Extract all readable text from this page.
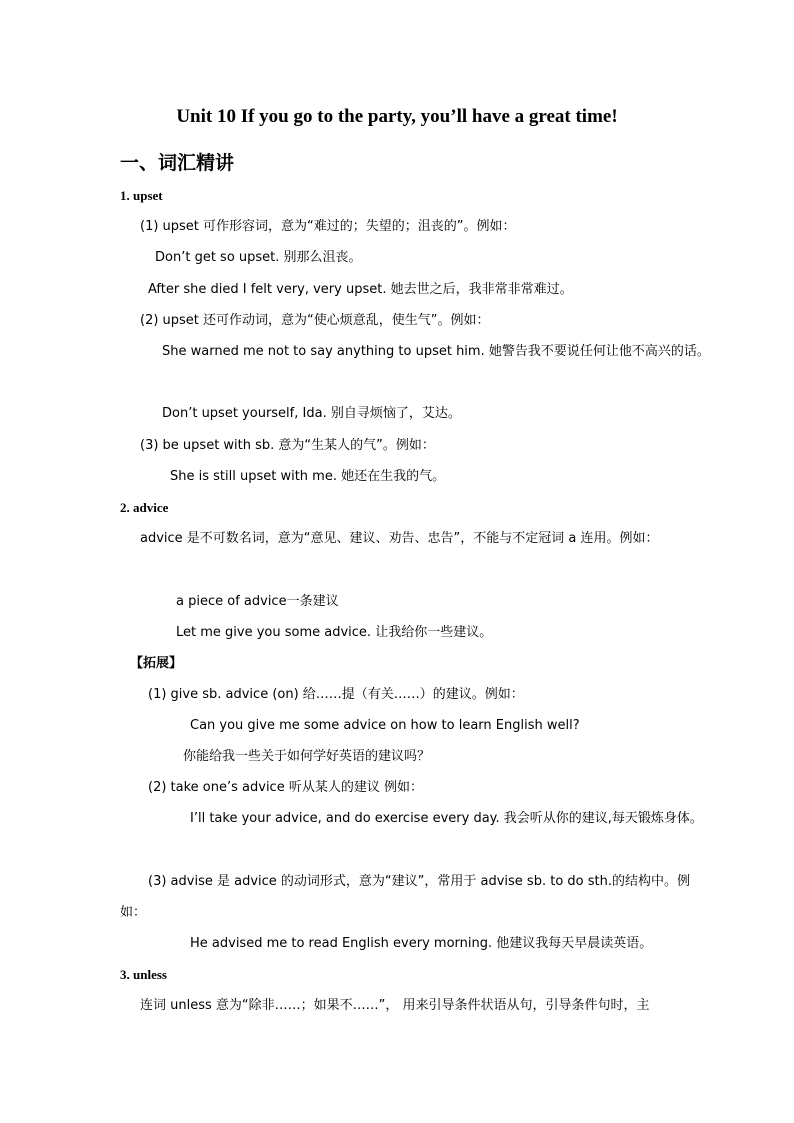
Unit 10 If you go to the party, you’ll have a great time!
一、词汇精讲
1. upset
(1) upset 可作形容词，意为“难过的；失望的；沮丧的”。例如：
Don’t get so upset. 别那么沮丧。
After she died I felt very, very upset. 她去世之后，我非常非常难过。
(2) upset 还可作动词，意为“使心烦意乱，使生气”。例如：
She warned me not to say anything to upset him. 她警告我不要说任何让他不高兴的话。
Don’t upset yourself, Ida. 别自寻烦恼了，艾达。
(3) be upset with sb. 意为“生某人的气”。例如：
She is still upset with me. 她还在生我的气。
2. advice
advice 是不可数名词，意为“意见、建议、劝告、忠告”，不能与不定冠词 a 连用。例如：
a piece of advice一条建议
Let me give you some advice. 让我给你一些建议。
【拓展】
(1) give sb. advice (on) 给……提（有关……）的建议。例如：
Can you give me some advice on how to learn English well?
你能给我一些关于如何学好英语的建议吗？
(2) take one’s advice 听从某人的建议 例如：
I’ll take your advice, and do exercise every day. 我会听从你的建议,每天锻炼身体。
(3) advise 是 advice 的动词形式，意为“建议”，常用于 advise sb. to do sth.的结构中。例
如：
He advised me to read English every morning. 他建议我每天早晨读英语。
3. unless
连词 unless 意为“除非……；如果不……”， 用来引导条件状语从句，引导条件句时，主
